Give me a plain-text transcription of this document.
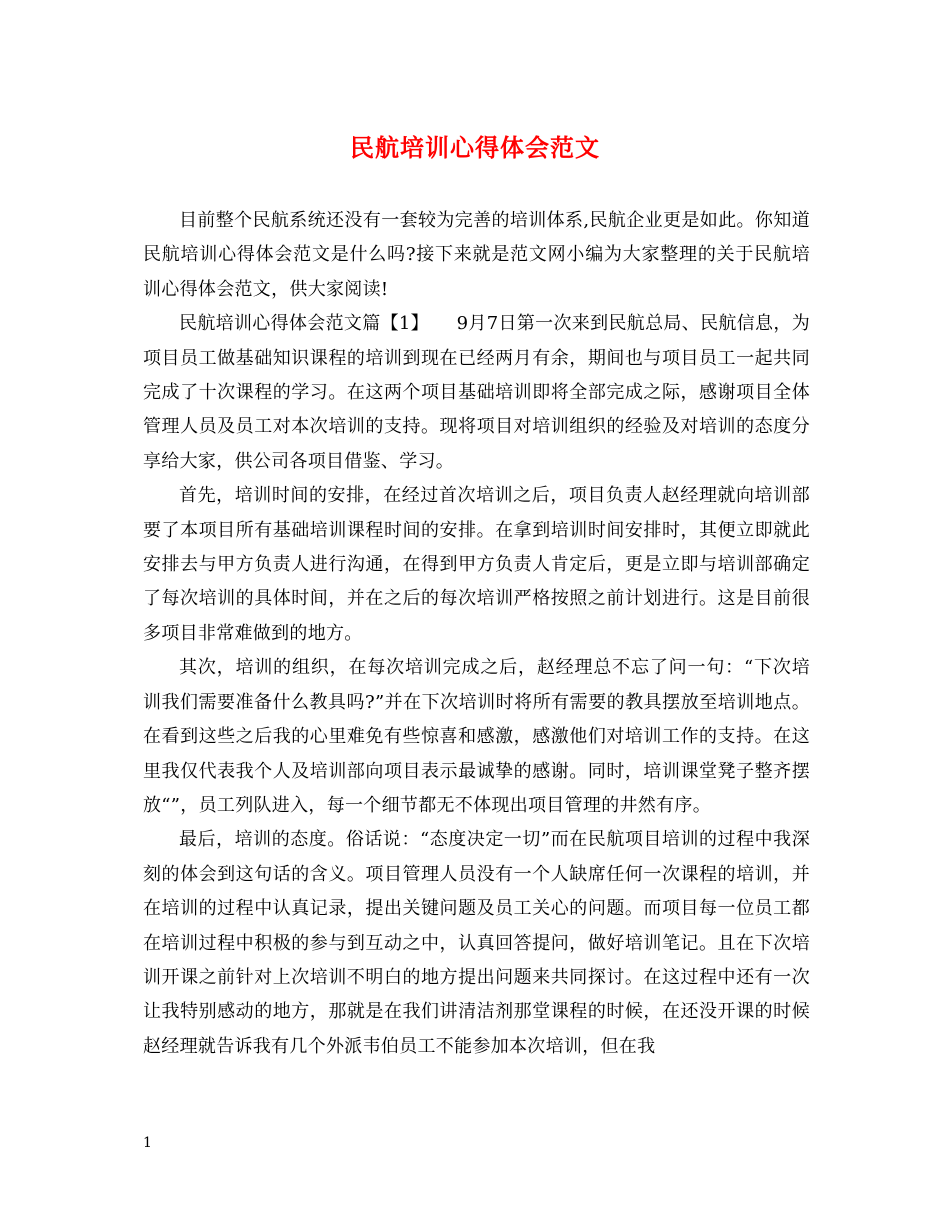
民航培训心得体会范文

目前整个民航系统还没有一套较为完善的培训体系,民航企业更是如此。你知道民航培训心得体会范文是什么吗?接下来就是范文网小编为大家整理的关于民航培训心得体会范文，供大家阅读!

民航培训心得体会范文篇【1】　　9月7日第一次来到民航总局、民航信息，为项目员工做基础知识课程的培训到现在已经两月有余，期间也与项目员工一起共同完成了十次课程的学习。在这两个项目基础培训即将全部完成之际，感谢项目全体管理人员及员工对本次培训的支持。现将项目对培训组织的经验及对培训的态度分享给大家，供公司各项目借鉴、学习。

首先，培训时间的安排，在经过首次培训之后，项目负责人赵经理就向培训部要了本项目所有基础培训课程时间的安排。在拿到培训时间安排时，其便立即就此安排去与甲方负责人进行沟通，在得到甲方负责人肯定后，更是立即与培训部确定了每次培训的具体时间，并在之后的每次培训严格按照之前计划进行。这是目前很多项目非常难做到的地方。

其次，培训的组织，在每次培训完成之后，赵经理总不忘了问一句：“下次培训我们需要准备什么教具吗?”并在下次培训时将所有需要的教具摆放至培训地点。在看到这些之后我的心里难免有些惊喜和感激，感激他们对培训工作的支持。在这里我仅代表我个人及培训部向项目表示最诚挚的感谢。同时，培训课堂凳子整齐摆放“”，员工列队进入，每一个细节都无不体现出项目管理的井然有序。

最后，培训的态度。俗话说：“态度决定一切”而在民航项目培训的过程中我深刻的体会到这句话的含义。项目管理人员没有一个人缺席任何一次课程的培训，并在培训的过程中认真记录，提出关键问题及员工关心的问题。而项目每一位员工都在培训过程中积极的参与到互动之中，认真回答提问，做好培训笔记。且在下次培训开课之前针对上次培训不明白的地方提出问题来共同探讨。在这过程中还有一次让我特别感动的地方，那就是在我们讲清洁剂那堂课程的时候，在还没开课的时候赵经理就告诉我有几个外派韦伯员工不能参加本次培训，但在我

1
